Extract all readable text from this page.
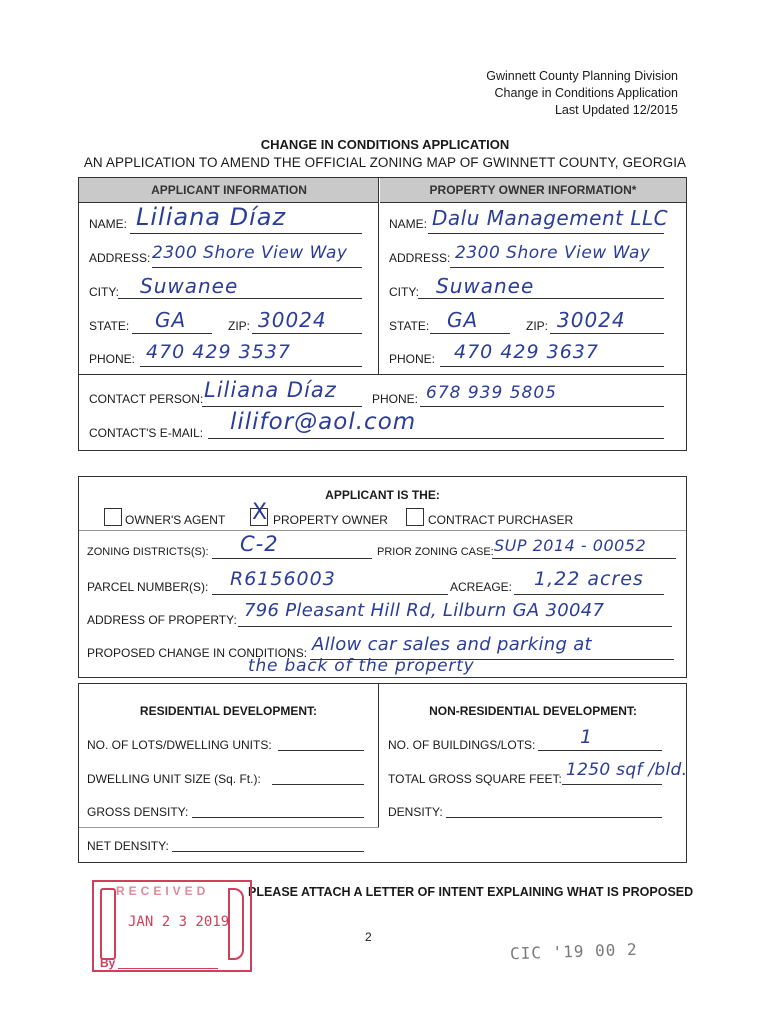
Gwinnett County Planning Division
Change in Conditions Application
Last Updated 12/2015
CHANGE IN CONDITIONS APPLICATION
AN APPLICATION TO AMEND THE OFFICIAL ZONING MAP OF GWINNETT COUNTY, GEORGIA
APPLICANT INFORMATION	PROPERTY OWNER INFORMATION*
NAME: Liliana Díaz
ADDRESS: 2300 Shore View Way
CITY: Suwanee
STATE: GA	ZIP: 30024
PHONE: 470 429 3537
NAME: Dalu Management LLC
ADDRESS: 2300 Shore View Way
CITY: Suwanee
STATE: GA	ZIP: 30024
PHONE: 470 429 3637
CONTACT PERSON: Liliana Díaz	PHONE: 678 939 5805
CONTACT'S E-MAIL: lilifor@aol.com
APPLICANT IS THE:
OWNER'S AGENT X PROPERTY OWNER	CONTRACT PURCHASER
ZONING DISTRICTS(S): C-2	PRIOR ZONING CASE: SUP 2014 - 00052
PARCEL NUMBER(S): R6156003	ACREAGE: 1,22 acres
ADDRESS OF PROPERTY: 796 Pleasant Hill Rd, Lilburn GA 30047
PROPOSED CHANGE IN CONDITIONS: Allow car sales and parking at
the back of the property
RESIDENTIAL DEVELOPMENT:	NON-RESIDENTIAL DEVELOPMENT:
NO. OF LOTS/DWELLING UNITS:
DWELLING UNIT SIZE (Sq. Ft.):
GROSS DENSITY:
NET DENSITY:
NO. OF BUILDINGS/LOTS: 1
TOTAL GROSS SQUARE FEET: 1250 sqf /bld.
DENSITY:
PLEASE ATTACH A LETTER OF INTENT EXPLAINING WHAT IS PROPOSED
2
RECEIVED
JAN 2 3 2019
By	CIC '19 00 2
